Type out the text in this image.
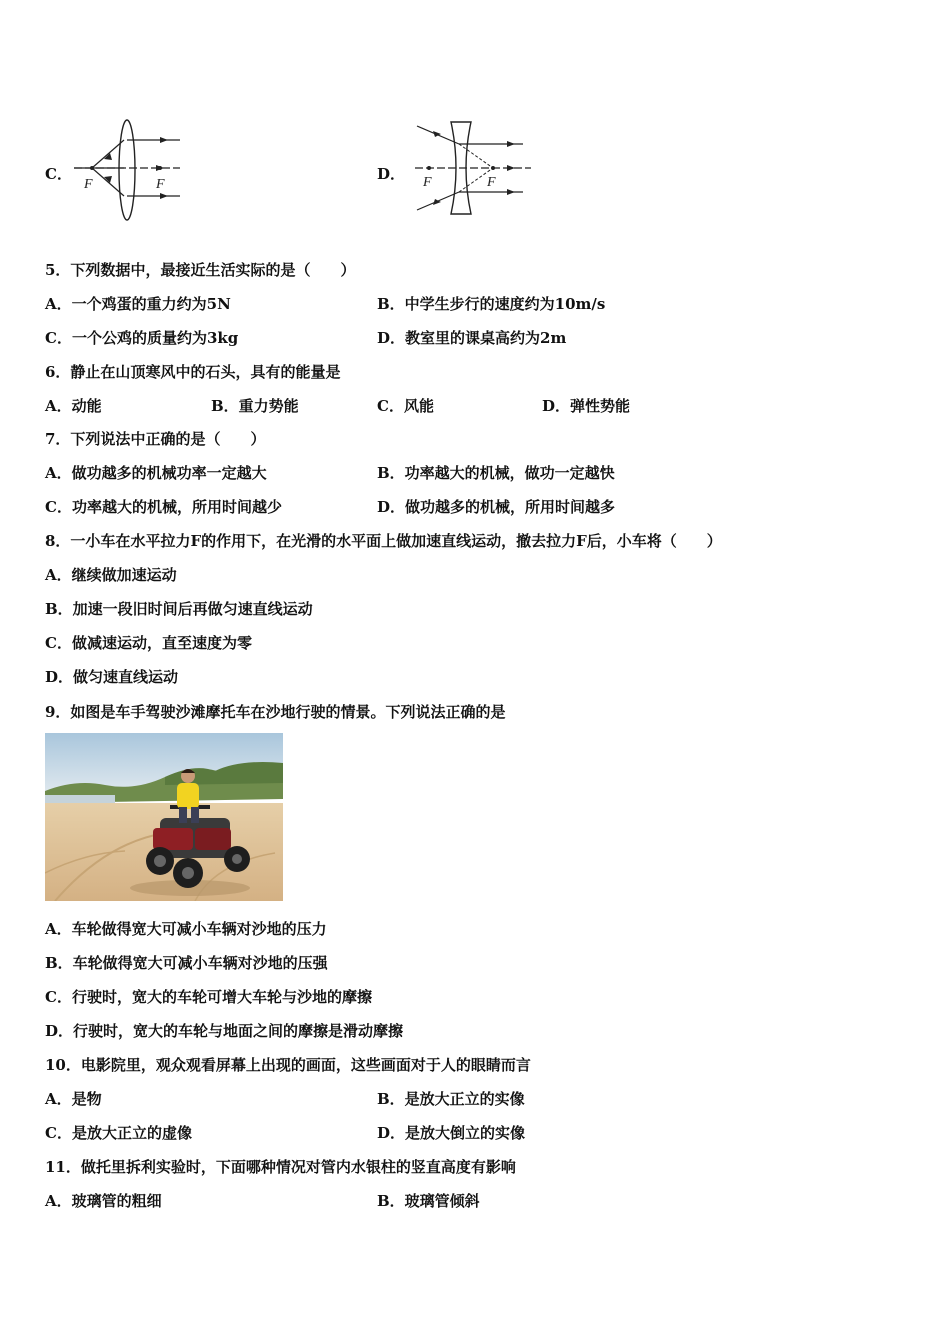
C．
F	F
D． F	F
5．下列数据中，最接近生活实际的是（　　）
A．一个鸡蛋的重力约为5N	B．中学生步行的速度约为10m/s
C．一个公鸡的质量约为3kg	D．教室里的课桌高约为2m
6．静止在山顶寒风中的石头，具有的能量是
A．动能	B．重力势能	C．风能	D．弹性势能
7．下列说法中正确的是（　　）
A．做功越多的机械功率一定越大	B．功率越大的机械，做功一定越快
C．功率越大的机械，所用时间越少	D．做功越多的机械，所用时间越多
8．一小车在水平拉力F的作用下，在光滑的水平面上做加速直线运动，撤去拉力F后，小车将（　　）
A．继续做加速运动
B．加速一段旧时间后再做匀速直线运动
C．做减速运动，直至速度为零
D．做匀速直线运动
9．如图是车手驾驶沙滩摩托车在沙地行驶的情景。下列说法正确的是
A．车轮做得宽大可减小车辆对沙地的压力
B．车轮做得宽大可减小车辆对沙地的压强
C．行驶时，宽大的车轮可增大车轮与沙地的摩擦
D．行驶时，宽大的车轮与地面之间的摩擦是滑动摩擦
10．电影院里，观众观看屏幕上出现的画面，这些画面对于人的眼睛而言
A．是物	B．是放大正立的实像
C．是放大正立的虚像	D．是放大倒立的实像
11．做托里拆利实验时，下面哪种情况对管内水银柱的竖直高度有影响
A．玻璃管的粗细	B．玻璃管倾斜
